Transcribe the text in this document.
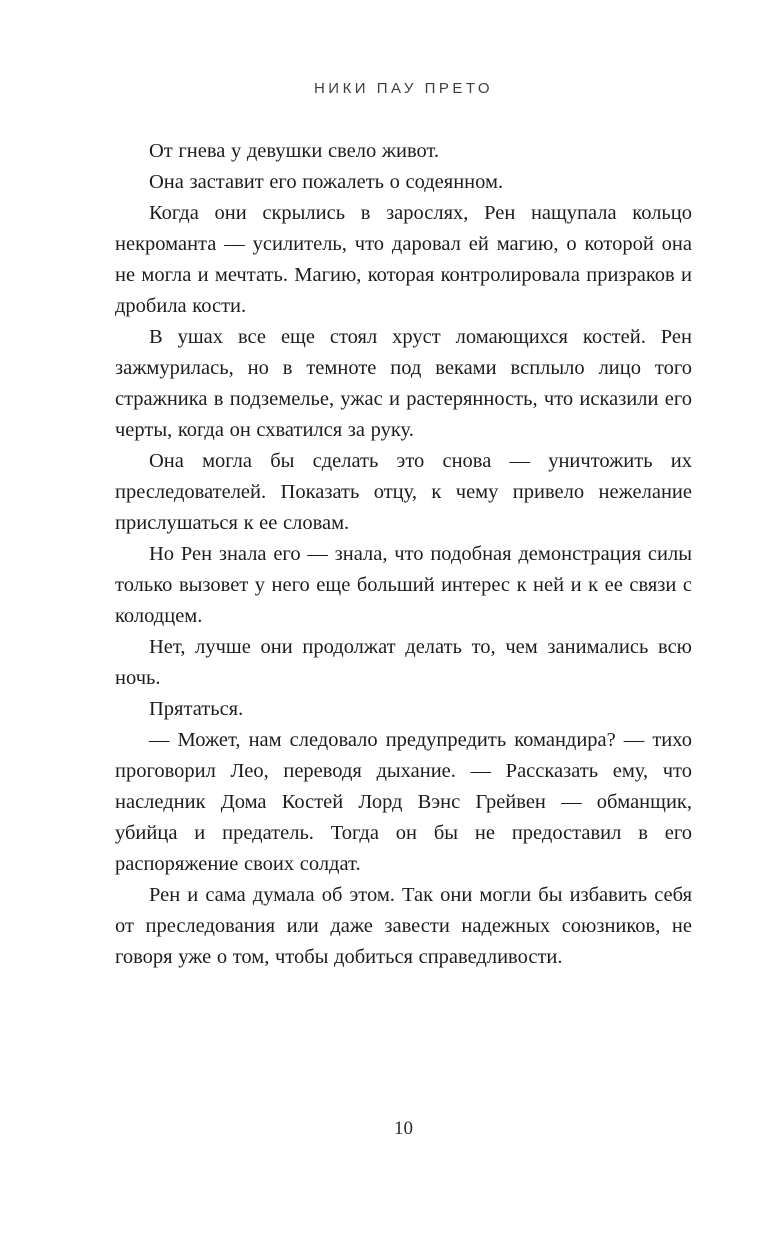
НИКИ ПАУ ПРЕТО

От гнева у девушки свело живот.

Она заставит его пожалеть о содеянном.

Когда они скрылись в зарослях, Рен нащупала кольцо некроманта — усилитель, что даровал ей магию, о которой она не могла и мечтать. Магию, которая контролировала призраков и дробила кости.

В ушах все еще стоял хруст ломающихся костей. Рен зажмурилась, но в темноте под веками всплыло лицо того стражника в подземелье, ужас и растерянность, что исказили его черты, когда он схватился за руку.

Она могла бы сделать это снова — уничтожить их преследователей. Показать отцу, к чему привело нежелание прислушаться к ее словам.

Но Рен знала его — знала, что подобная демонстрация силы только вызовет у него еще больший интерес к ней и к ее связи с колодцем.

Нет, лучше они продолжат делать то, чем занимались всю ночь.

Прятаться.

— Может, нам следовало предупредить командира? — тихо проговорил Лео, переводя дыхание. — Рассказать ему, что наследник Дома Костей Лорд Вэнс Грейвен — обманщик, убийца и предатель. Тогда он бы не предоставил в его распоряжение своих солдат.

Рен и сама думала об этом. Так они могли бы избавить себя от преследования или даже завести надежных союзников, не говоря уже о том, чтобы добиться справедливости.

10
